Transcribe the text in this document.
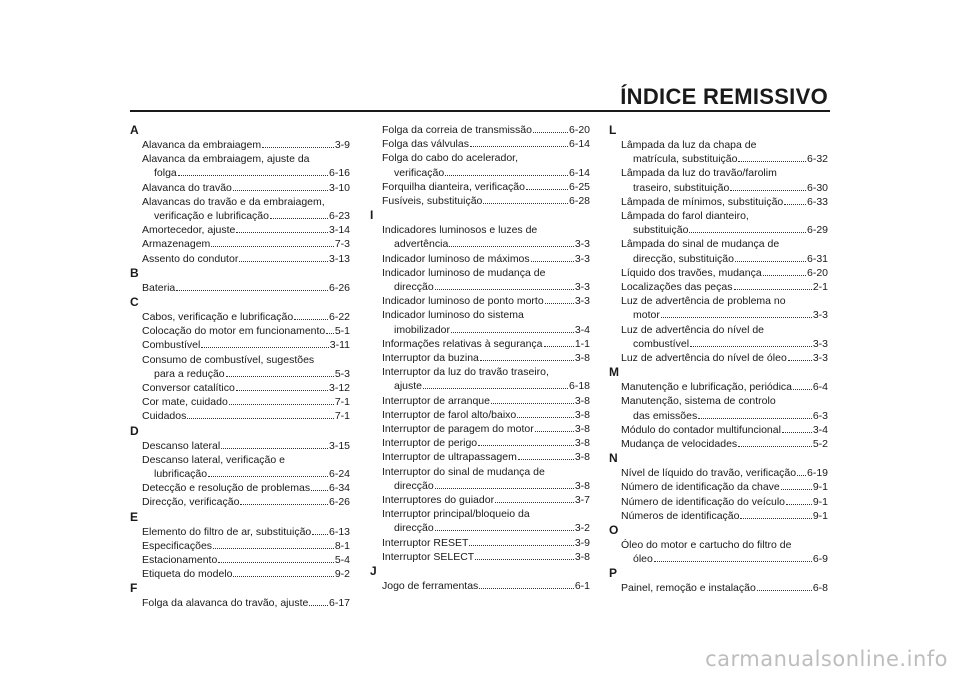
ÍNDICE REMISSIVO
A
Alavanca da embraiagem	3-9
Alavanca da embraiagem, ajuste da
folga	6-16
Alavanca do travão	3-10
Alavancas do travão e da embraiagem,
verificação e lubrificação	6-23
Amortecedor, ajuste	3-14
Armazenagem	7-3
Assento do condutor	3-13
B
Bateria	6-26
C
Cabos, verificação e lubrificação	6-22
Colocação do motor em funcionamento 5-1
Combustível	3-11
Consumo de combustível, sugestões
para a redução	5-3
Conversor catalítico	3-12
Cor mate, cuidado	7-1
Cuidados	7-1
D
Descanso lateral	3-15
Descanso lateral, verificação e
lubrificação	6-24
Detecção e resolução de problemas 6-34
Direcção, verificação	6-26
E
Elemento do filtro de ar, substituição 6-13
Especificações	8-1
Estacionamento	5-4
Etiqueta do modelo	9-2
F
Folga da alavanca do travão, ajuste 6-17
Folga da correia de transmissão	6-20
Folga das válvulas	6-14
Folga do cabo do acelerador,
verificação	6-14
Forquilha dianteira, verificação	6-25
Fusíveis, substituição	6-28
I
Indicadores luminosos e luzes de
advertência	3-3
Indicador luminoso de máximos	3-3
Indicador luminoso de mudança de
direcção	3-3
Indicador luminoso de ponto morto	3-3
Indicador luminoso do sistema
imobilizador	3-4
Informações relativas à segurança	1-1
Interruptor da buzina	3-8
Interruptor da luz do travão traseiro,
ajuste	6-18
Interruptor de arranque	3-8
Interruptor de farol alto/baixo	3-8
Interruptor de paragem do motor	3-8
Interruptor de perigo	3-8
Interruptor de ultrapassagem	3-8
Interruptor do sinal de mudança de
direcção	3-8
Interruptores do guiador	3-7
Interruptor principal/bloqueio da
direcção	3-2
Interruptor RESET	3-9
Interruptor SELECT	3-8
J
Jogo de ferramentas	6-1
L
Lâmpada da luz da chapa de
matrícula, substituição	6-32
Lâmpada da luz do travão/farolim
traseiro, substituição	6-30
Lâmpada de mínimos, substituição 6-33
Lâmpada do farol dianteiro,
substituição	6-29
Lâmpada do sinal de mudança de
direcção, substituição	6-31
Líquido dos travões, mudança	6-20
Localizações das peças	2-1
Luz de advertência de problema no
motor	3-3
Luz de advertência do nível de
combustível	3-3
Luz de advertência do nível de óleo 3-3
M
Manutenção e lubrificação, periódica 6-4
Manutenção, sistema de controlo
das emissões	6-3
Módulo do contador multifuncional	3-4
Mudança de velocidades	5-2
N
Nível de líquido do travão, verificação 6-19
Número de identificação da chave	9-1
Número de identificação do veículo	9-1
Números de identificação	9-1
O
Óleo do motor e cartucho do filtro de
óleo	6-9
P
Painel, remoção e instalação	6-8
carmanualsonline.info
